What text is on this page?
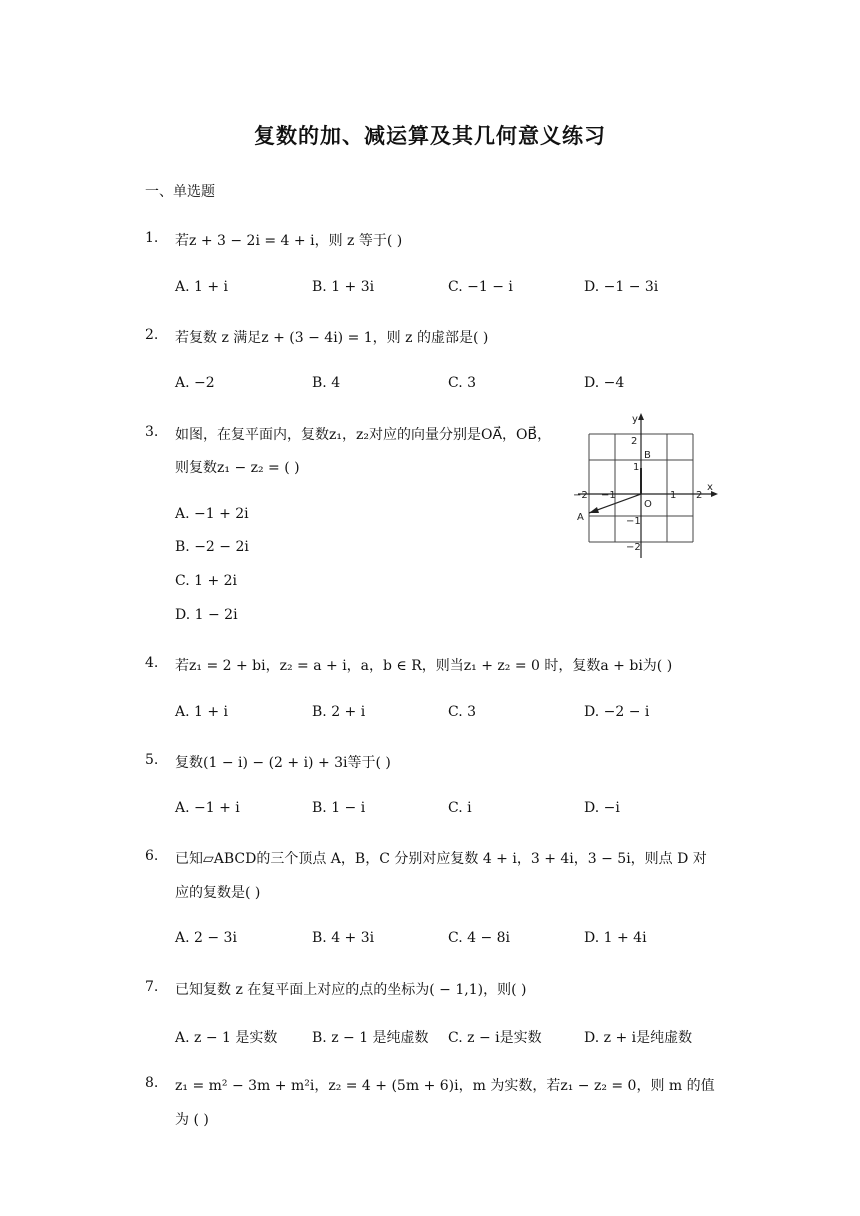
复数的加、减运算及其几何意义练习
一、单选题
1. 若z + 3 − 2i = 4 + i，则 z 等于( )
A. 1 + i	B. 1 + 3i	C. −1 − i	D. −1 − 3i
2. 若复数 z 满足z + (3 − 4i) = 1，则 z 的虚部是( )
A. −2	B. 4	C. 3	D. −4
3. 如图，在复平面内，复数z₁，z₂对应的向量分别是OA⃗，OB⃗，
则复数z₁ − z₂ = ( )
A. −1 + 2i
B. −2 − 2i
C. 1 + 2i
D. 1 − 2i
y
x
O
A
B
−2 −1	1 2
2
1
−1
−2
4. 若z₁ = 2 + bi，z₂ = a + i，a，b ∈ R，则当z₁ + z₂ = 0 时，复数a + bi为( )
A. 1 + i	B. 2 + i	C. 3	D. −2 − i
5. 复数(1 − i) − (2 + i) + 3i等于( )
A. −1 + i	B. 1 − i	C. i	D. −i
6. 已知▱ABCD的三个顶点 A，B，C 分别对应复数 4 + i，3 + 4i，3 − 5i，则点 D 对
应的复数是( )
A. 2 − 3i	B. 4 + 3i	C. 4 − 8i	D. 1 + 4i
7. 已知复数 z 在复平面上对应的点的坐标为( − 1,1)，则( )
A. z − 1 是实数 B. z − 1 是纯虚数 C. z − i是实数	D. z + i是纯虚数
8. z₁ = m² − 3m + m²i，z₂ = 4 + (5m + 6)i，m 为实数，若z₁ − z₂ = 0，则 m 的值
为 ( )
